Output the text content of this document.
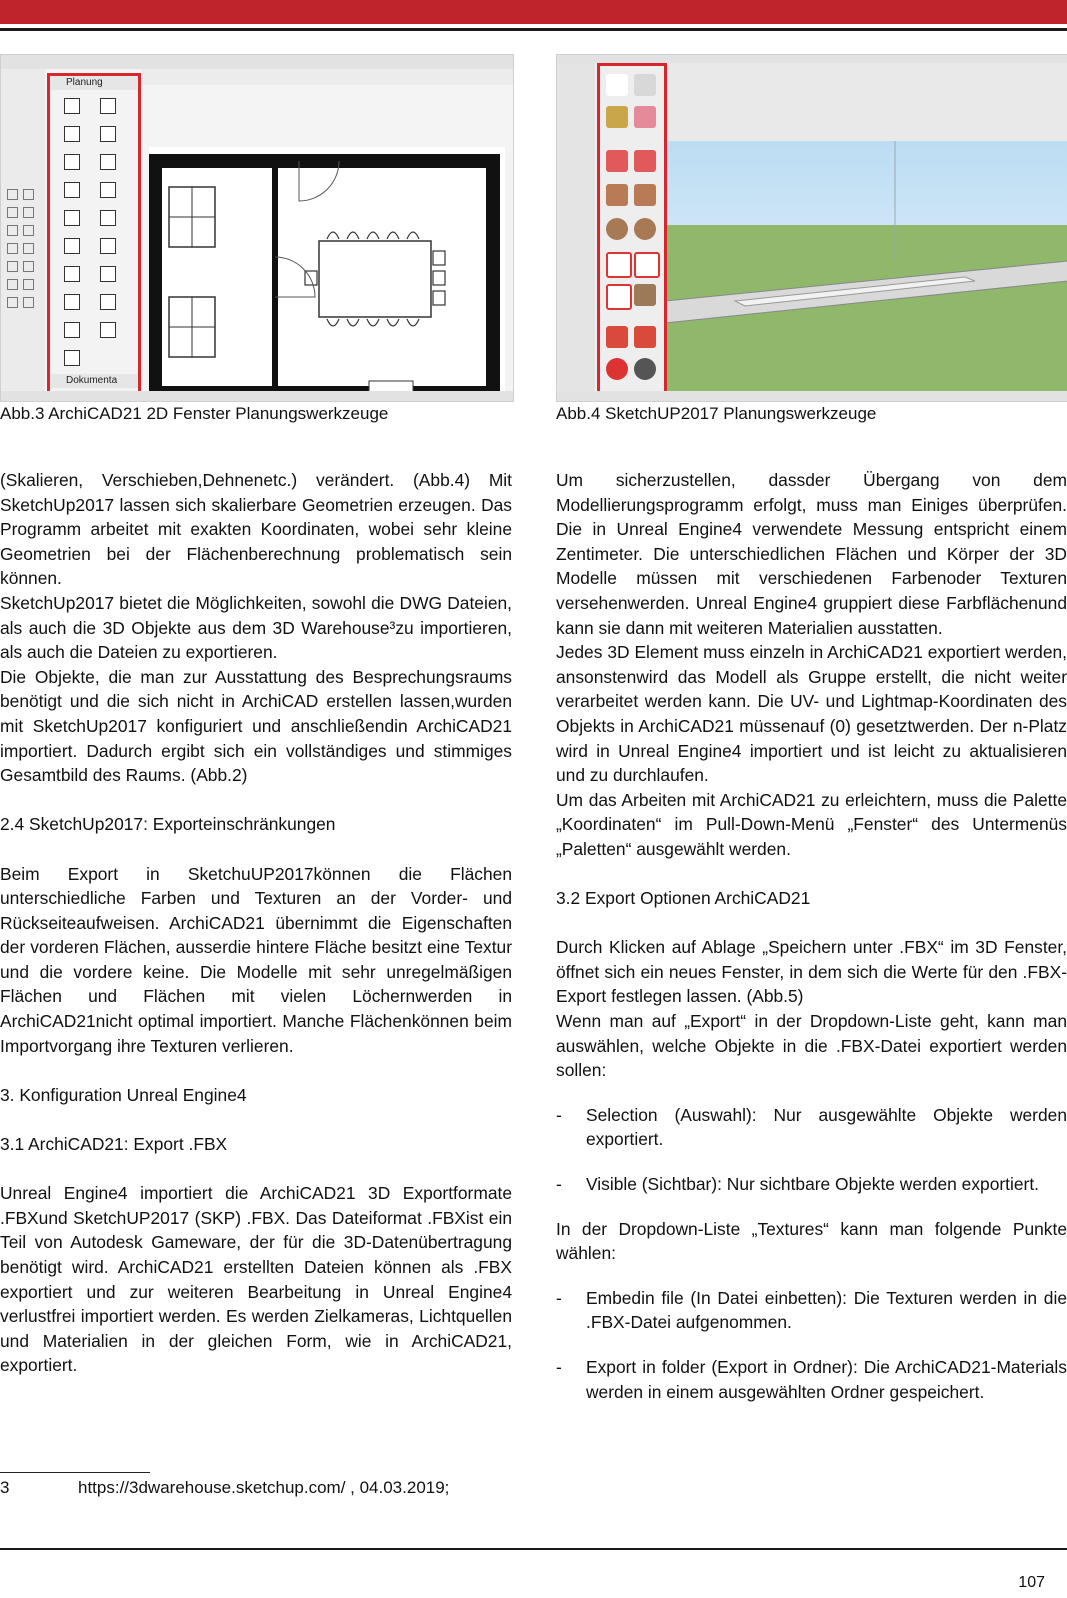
Planung
Dokumenta
Abb.3 ArchiCAD21 2D Fenster Planungswerkzeuge	Abb.4 SketchUP2017 Planungswerkzeuge

(Skalieren, Verschieben,Dehnenetc.) verändert. (Abb.4) Mit SketchUp2017 lassen sich skalierbare Geometrien erzeugen. Das Programm arbeitet mit exakten Koordinaten, wobei sehr kleine Geometrien bei der Flächenberechnung problematisch sein können.

SketchUp2017 bietet die Möglichkeiten, sowohl die DWG Dateien, als auch die 3D Objekte aus dem 3D Warehouse³zu importieren, als auch die Dateien zu exportieren.

Die Objekte, die man zur Ausstattung des Besprechungsraums benötigt und die sich nicht in ArchiCAD erstellen lassen,wurden mit SketchUp2017 konfiguriert und anschließendin ArchiCAD21 importiert. Dadurch ergibt sich ein vollständiges und stimmiges Gesamtbild des Raums. (Abb.2)

2.4 SketchUp2017: Exporteinschränkungen

Beim Export in SketchuUP2017können die Flächen unterschiedliche Farben und Texturen an der Vorder- und Rückseiteaufweisen. ArchiCAD21 übernimmt die Eigenschaften der vorderen Flächen, ausserdie hintere Fläche besitzt eine Textur und die vordere keine. Die Modelle mit sehr unregelmäßigen Flächen und Flächen mit vielen Löchernwerden in ArchiCAD21nicht optimal importiert. Manche Flächenkönnen beim Importvorgang ihre Texturen verlieren.

3. Konfiguration Unreal Engine4
3.1 ArchiCAD21: Export .FBX

Unreal Engine4 importiert die ArchiCAD21 3D Exportformate .FBXund SketchUP2017 (SKP) .FBX. Das Dateiformat .FBXist ein Teil von Autodesk Gameware, der für die 3D-Datenübertragung benötigt wird. ArchiCAD21 erstellten Dateien können als .FBX exportiert und zur weiteren Bearbeitung in Unreal Engine4 verlustfrei importiert werden. Es werden Zielkameras, Lichtquellen und Materialien in der gleichen Form, wie in ArchiCAD21, exportiert.

3	https://3dwarehouse.sketchup.com/ , 04.03.2019;

Um sicherzustellen, dassder Übergang von dem Modellierungsprogramm erfolgt, muss man Einiges überprüfen. Die in Unreal Engine4 verwendete Messung entspricht einem Zentimeter. Die unterschiedlichen Flächen und Körper der 3D Modelle müssen mit verschiedenen Farbenoder Texturen versehenwerden. Unreal Engine4 gruppiert diese Farbflächenund kann sie dann mit weiteren Materialien ausstatten.

Jedes 3D Element muss einzeln in ArchiCAD21 exportiert werden, ansonstenwird das Modell als Gruppe erstellt, die nicht weiter verarbeitet werden kann. Die UV- und Lightmap-Koordinaten des Objekts in ArchiCAD21 müssenauf (0) gesetztwerden. Der n-Platz wird in Unreal Engine4 importiert und ist leicht zu aktualisieren und zu durchlaufen.

Um das Arbeiten mit ArchiCAD21 zu erleichtern, muss die Palette „Koordinaten“ im Pull-Down-Menü „Fenster“ des Untermenüs „Paletten“ ausgewählt werden.

3.2 Export Optionen ArchiCAD21

Durch Klicken auf Ablage „Speichern unter .FBX“ im 3D Fenster, öffnet sich ein neues Fenster, in dem sich die Werte für den .FBX-Export festlegen lassen. (Abb.5)

Wenn man auf „Export“ in der Dropdown-Liste geht, kann man auswählen, welche Objekte in die .FBX-Datei exportiert werden sollen:

-	Selection (Auswahl): Nur ausgewählte Objekte werden exportiert.
-	Visible (Sichtbar): Nur sichtbare Objekte werden exportiert.

In der Dropdown-Liste „Textures“ kann man folgende Punkte wählen:

-	Embedin file (In Datei einbetten): Die Texturen werden in die .FBX-Datei aufgenommen.
-	Export in folder (Export in Ordner): Die ArchiCAD21-Materials werden in einem ausgewählten Ordner gespeichert.
107
